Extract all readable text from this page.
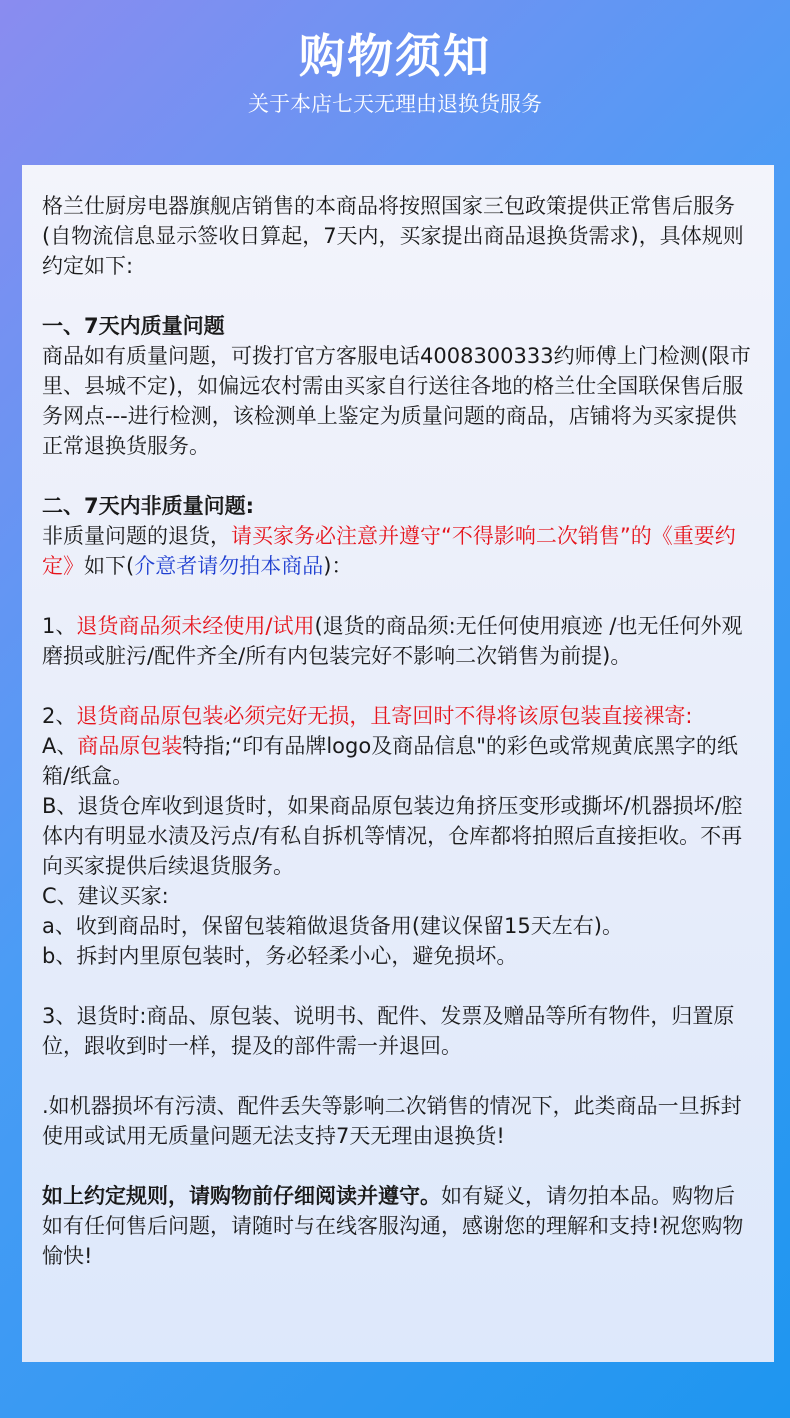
购物须知
关于本店七天无理由退换货服务

格兰仕厨房电器旗舰店销售的本商品将按照国家三包政策提供正常售后服务(自物流信息显示签收日算起，7天内，买家提出商品退换货需求)，具体规则约定如下:

一、7天内质量问题

商品如有质量问题，可拨打官方客服电话4008300333约师傅上门检测(限市里、县城不定)，如偏远农村需由买家自行送往各地的格兰仕全国联保售后服务网点---进行检测，该检测单上鉴定为质量问题的商品，店铺将为买家提供正常退换货服务。

二、7天内非质量问题:

非质量问题的退货，请买家务必注意并遵守“不得影响二次销售”的《重要约定》如下(介意者请勿拍本商品)：

1、退货商品须未经使用/试用(退货的商品须:无任何使用痕迹 /也无任何外观磨损或脏污/配件齐全/所有内包装完好不影响二次销售为前提)。

2、退货商品原包装必须完好无损，且寄回时不得将该原包装直接裸寄:

A、商品原包装特指;“印有品牌logo及商品信息"的彩色或常规黄底黑字的纸箱/纸盒。

B、退货仓库收到退货时，如果商品原包装边角挤压变形或撕坏/机器损坏/腔体内有明显水渍及污点/有私自拆机等情况，仓库都将拍照后直接拒收。不再向买家提供后续退货服务。

C、建议买家:

a、收到商品时，保留包装箱做退货备用(建议保留15天左右)。

b、拆封内里原包装时，务必轻柔小心，避免损坏。

3、退货时:商品、原包装、说明书、配件、发票及赠品等所有物件，归置原位，跟收到时一样，提及的部件需一并退回。

.如机器损坏有污渍、配件丢失等影响二次销售的情况下，此类商品一旦拆封使用或试用无质量问题无法支持7天无理由退换货!

如上约定规则，请购物前仔细阅读并遵守。如有疑义，请勿拍本品。购物后如有任何售后问题，请随时与在线客服沟通，感谢您的理解和支持!祝您购物愉快!
